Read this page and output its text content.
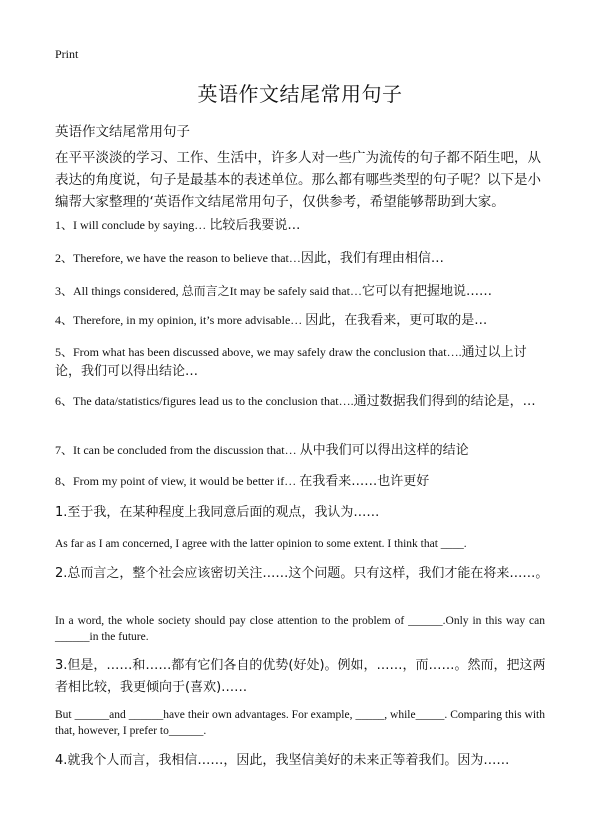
Print
英语作文结尾常用句子
英语作文结尾常用句子
在平平淡淡的学习、工作、生活中，许多人对一些广为流传的句子都不陌生吧，从表达的角度说，句子是最基本的表述单位。那么都有哪些类型的句子呢？以下是小编帮大家整理的‘英语作文结尾常用句子，仅供参考，希望能够帮助到大家。
1、I will conclude by saying… 比较后我要说…
2、Therefore, we have the reason to believe that…因此，我们有理由相信…
3、All things considered, 总而言之It may be safely said that…它可以有把握地说……
4、Therefore, in my opinion, it’s more advisable… 因此，在我看来，更可取的是…
5、From what has been discussed above, we may safely draw the conclusion that….通过以上讨论，我们可以得出结论…
6、The data/statistics/figures lead us to the conclusion that….通过数据我们得到的结论是，…
7、It can be concluded from the discussion that… 从中我们可以得出这样的结论
8、From my point of view, it would be better if… 在我看来……也许更好
1.至于我，在某种程度上我同意后面的观点，我认为……
As far as I am concerned, I agree with the latter opinion to some extent. I think that ____.
2.总而言之，整个社会应该密切关注……这个问题。只有这样，我们才能在将来……。
In a word, the whole society should pay close attention to the problem of ______.Only in this way can ______in the future.
3.但是，……和……都有它们各自的优势(好处)。例如，……，而……。然而，把这两者相比较，我更倾向于(喜欢)……
But ______and ______have their own advantages. For example, _____, while_____. Comparing this with that, however, I prefer to______.
4.就我个人而言，我相信……，因此，我坚信美好的未来正等着我们。因为……
